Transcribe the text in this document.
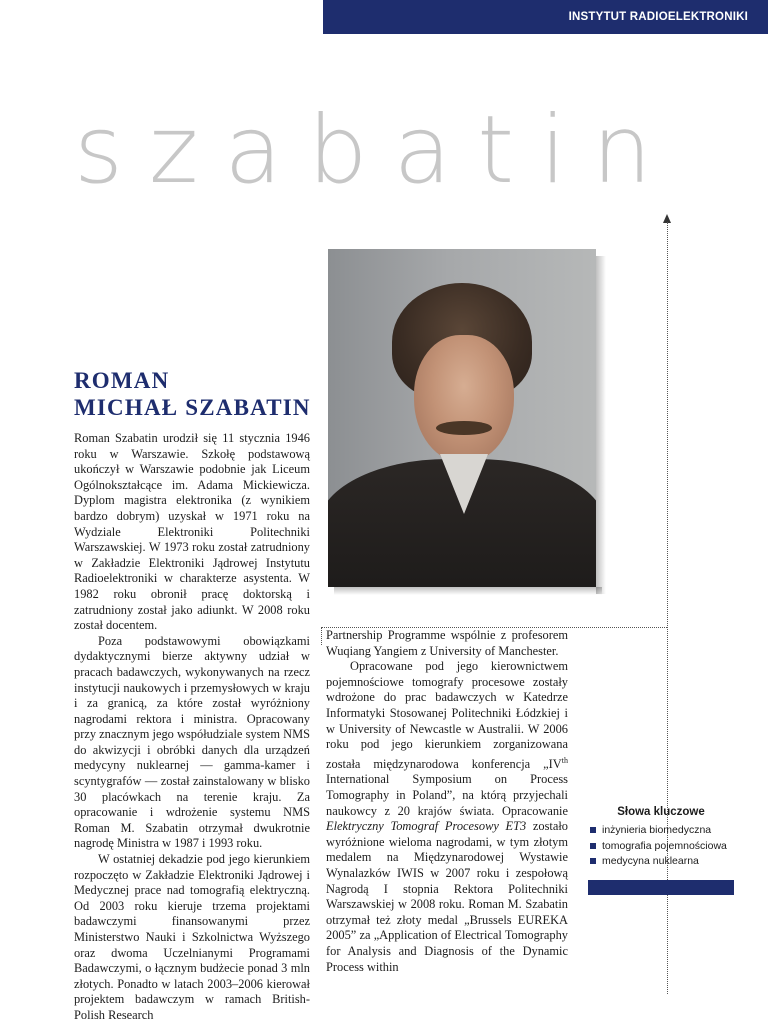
INSTYTUT RADIOELEKTRONIKI
szabatin
ROMAN
MICHAŁ SZABATIN

Roman Szabatin urodził się 11 stycznia 1946 roku w Warszawie. Szkołę podstawową ukończył w Warszawie podobnie jak Liceum Ogólnokształcące im. Adama Mickiewicza. Dyplom magistra elektronika (z wynikiem bardzo dobrym) uzyskał w 1971 roku na Wydziale Elektroniki Politechniki Warszawskiej. W 1973 roku został zatrudniony w Zakładzie Elektroniki Jądrowej Instytutu Radioelektroniki w charakterze asystenta. W 1982 roku obronił pracę doktorską i zatrudniony został jako adiunkt. W 2008 roku został docentem.

Poza podstawowymi obowiązkami dydaktycznymi bierze aktywny udział w pracach badawczych, wykonywanych na rzecz instytucji naukowych i przemysłowych w kraju i za granicą, za które został wyróżniony nagrodami rektora i ministra. Opracowany przy znacznym jego współudziale system NMS do akwizycji i obróbki danych dla urządzeń medycyny nuklearnej — gamma-kamer i scyntygrafów — został zainstalowany w blisko 30 placówkach na terenie kraju. Za opracowanie i wdrożenie systemu NMS Roman M. Szabatin otrzymał dwukrotnie nagrodę Ministra w 1987 i 1993 roku.

W ostatniej dekadzie pod jego kierunkiem rozpoczęto w Zakładzie Elektroniki Jądrowej i Medycznej prace nad tomografią elektryczną. Od 2003 roku kieruje trzema projektami badawczymi finansowanymi przez Ministerstwo Nauki i Szkolnictwa Wyższego oraz dwoma Uczelnianymi Programami Badawczymi, o łącznym budżecie ponad 3 mln złotych. Ponadto w latach 2003–2006 kierował projektem badawczym w ramach British-Polish Research

Partnership Programme wspólnie z profesorem Wuqiang Yangiem z University of Manchester.

Opracowane pod jego kierownictwem pojemnościowe tomografy procesowe zostały wdrożone do prac badawczych w Katedrze Informatyki Stosowanej Politechniki Łódzkiej i w University of Newcastle w Australii. W 2006 roku pod jego kierunkiem zorganizowana została międzynarodowa konferencja „IVth International Symposium on Process Tomography in Poland”, na którą przyjechali naukowcy z 20 krajów świata. Opracowanie Elektryczny Tomograf Procesowy ET3 zostało wyróżnione wieloma nagrodami, w tym złotym medalem na Międzynarodowej Wystawie Wynalazków IWIS w 2007 roku i zespołową Nagrodą I stopnia Rektora Politechniki Warszawskiej w 2008 roku. Roman M. Szabatin otrzymał też złoty medal „Brussels EUREKA 2005” za „Application of Electrical Tomography for Analysis and Diagnosis of the Dynamic Process within

Słowa kluczowe
inżynieria biomedyczna
tomografia pojemnościowa
medycyna nuklearna
